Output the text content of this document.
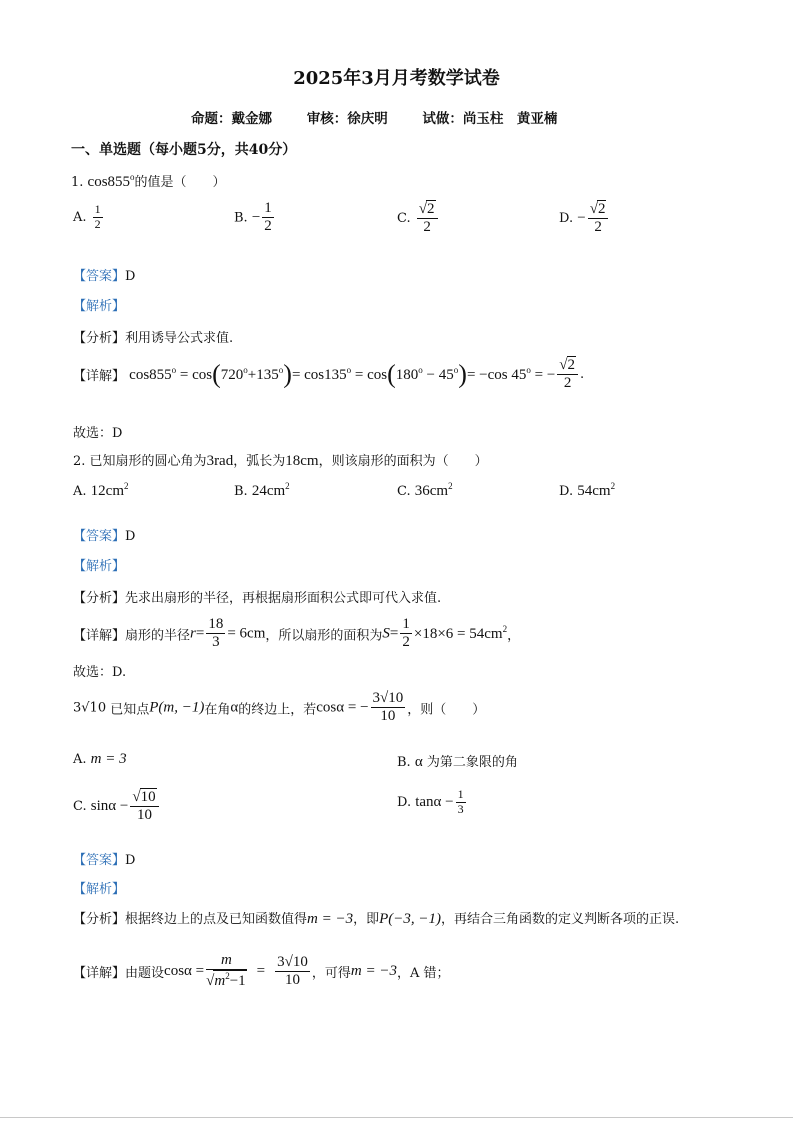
2025年3月月考数学试卷
命题：戴金娜	审核：徐庆明	试做：尚玉柱　黄亚楠
一、单选题（每小题5分，共40分）
1. cos855$^o$的值是（　　）
A. $\frac{1}{2}$	B. − $\frac{1}{2}$	C. $\frac{√2}{2}$	D. − $\frac{√2}{2}$
【答案】D
【解析】
【分析】利用诱导公式求值.
【详解】 $\cos 855^o = \cos(720^o+135^o)= \cos 135^o = \cos(180^o - 45^o)= -\cos$ $45^o$ = − $\frac{√2}{2}$ .
故选：D
2. 已知扇形的圆心角为3rad，弧长为18cm，则该扇形的面积为（　　）
A. $12cm^2$	B. $24cm^2$	C. $36cm^2$	D. $54cm^2$
【答案】D
【解析】
【分析】先求出扇形的半径，再根据扇形面积公式即可代入求值.
【详解】扇形的半径$r= \frac{18}{3} = 6cm$，所以扇形的面积为$S= \frac{1}{2} \times 18\times 6 = 54cm^2$，
故选：D.
3√10 已知点P(m, −1)在角α的终边上，若cosα = − $\frac{3√10}{10}$ ，则（　　）
A. m = 3	B. α 为第二象限的角
C. $\sin\alpha - \frac{√10}{10}$	D. $\tan\alpha - \frac{1}{3}$
【答案】D
【解析】
【分析】根据终边上的点及已知函数值得m = −3，即P(−3, −1)，再结合三角函数的定义判断各项的正误.
【详解】由题设$\cos\alpha = \frac{m}{√m^2-1} = \frac{3√10}{10}$ ，可得m = −3，A 错；
